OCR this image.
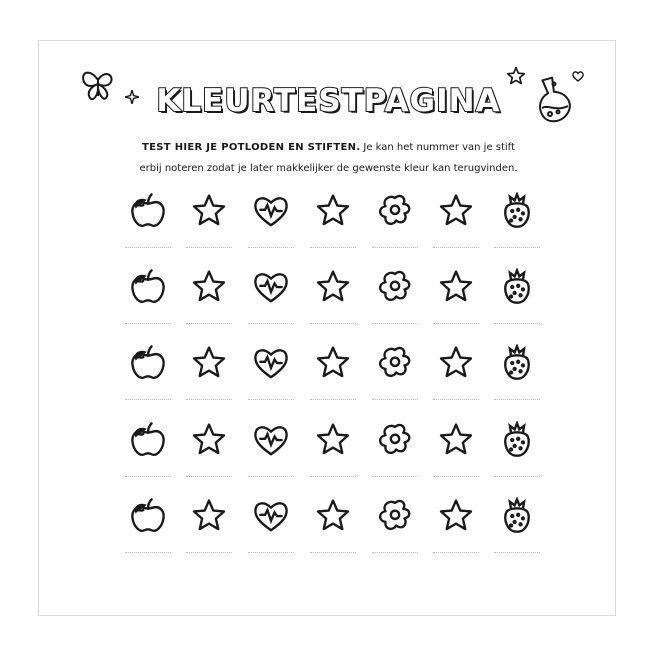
KLEURTESTPAGINA
TEST HIER JE POTLODEN EN STIFTEN. Je kan het nummer van je stift
erbij noteren zodat je later makkelijker de gewenste kleur kan terugvinden.
